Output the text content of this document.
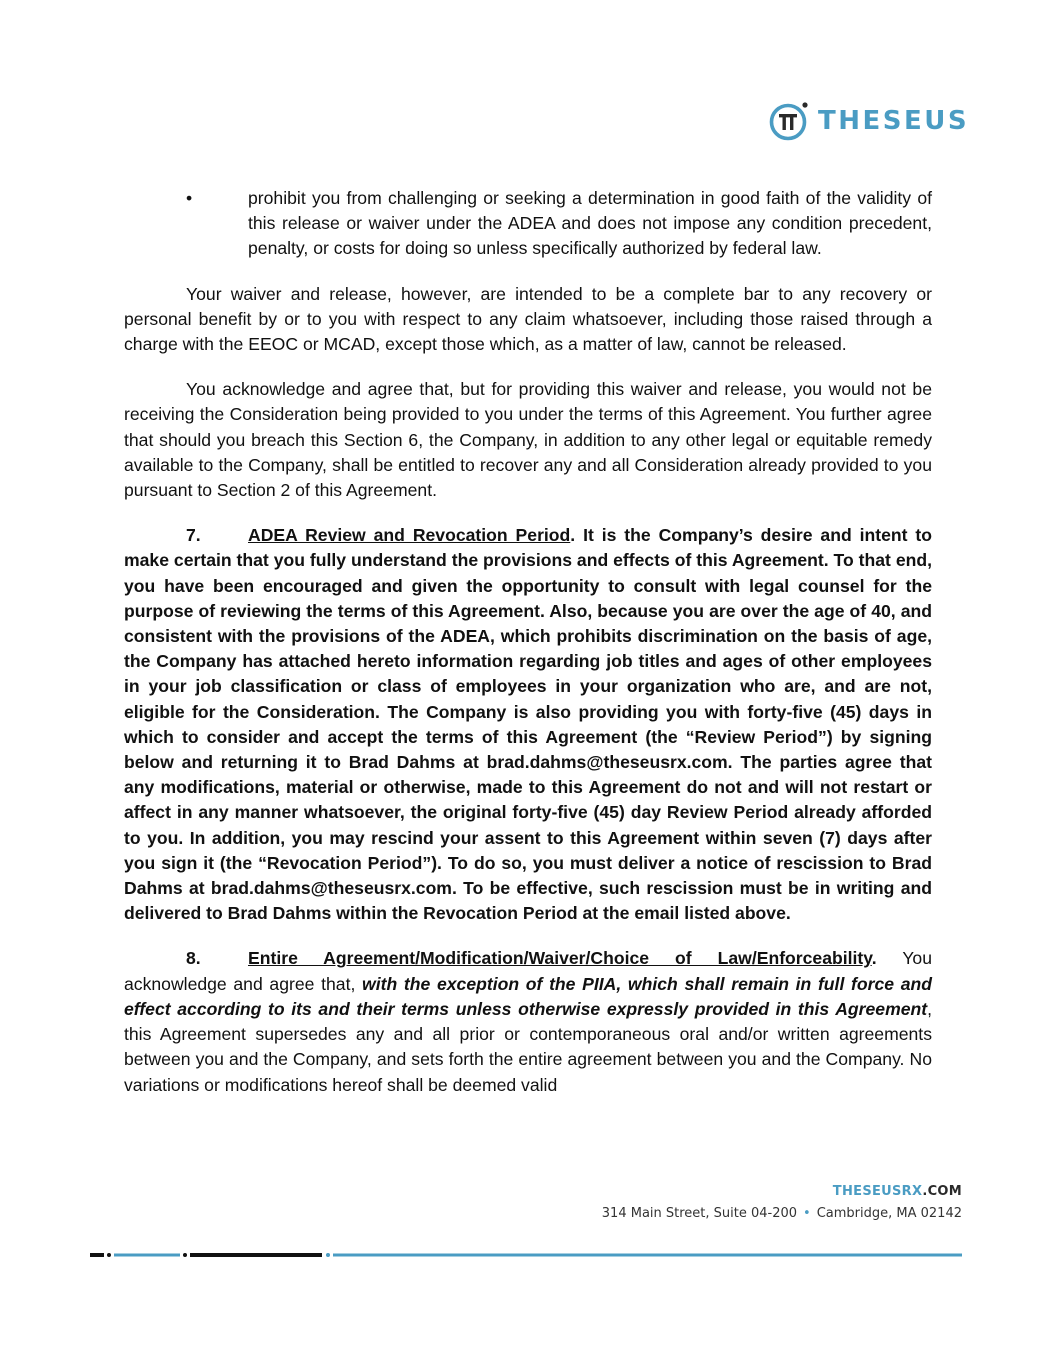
THESEUS
•	prohibit you from challenging or seeking a determination in good faith of the validity of this release or waiver under the ADEA and does not impose any condition precedent, penalty, or costs for doing so unless specifically authorized by federal law.

Your waiver and release, however, are intended to be a complete bar to any recovery or personal benefit by or to you with respect to any claim whatsoever, including those raised through a charge with the EEOC or MCAD, except those which, as a matter of law, cannot be released.

You acknowledge and agree that, but for providing this waiver and release, you would not be receiving the Consideration being provided to you under the terms of this Agreement. You further agree that should you breach this Section 6, the Company, in addition to any other legal or equitable remedy available to the Company, shall be entitled to recover any and all Consideration already provided to you pursuant to Section 2 of this Agreement.

7.	ADEA Review and Revocation Period. It is the Company’s desire and intent to make certain that you fully understand the provisions and effects of this Agreement. To that end, you have been encouraged and given the opportunity to consult with legal counsel for the purpose of reviewing the terms of this Agreement. Also, because you are over the age of 40, and consistent with the provisions of the ADEA, which prohibits discrimination on the basis of age, the Company has attached hereto information regarding job titles and ages of other employees in your job classification or class of employees in your organization who are, and are not, eligible for the Consideration. The Company is also providing you with forty-five (45) days in which to consider and accept the terms of this Agreement (the “Review Period”) by signing below and returning it to Brad Dahms at brad.dahms@theseusrx.com. The parties agree that any modifications, material or otherwise, made to this Agreement do not and will not restart or affect in any manner whatsoever, the original forty-five (45) day Review Period already afforded to you. In addition, you may rescind your assent to this Agreement within seven (7) days after you sign it (the “Revocation Period”). To do so, you must deliver a notice of rescission to Brad Dahms at brad.dahms@theseusrx.com. To be effective, such rescission must be in writing and delivered to Brad Dahms within the Revocation Period at the email listed above.

8.	Entire Agreement/Modification/Waiver/Choice of Law/Enforceability. You acknowledge and agree that, with the exception of the PIIA, which shall remain in full force and effect according to its and their terms unless otherwise expressly provided in this Agreement, this Agreement supersedes any and all prior or contemporaneous oral and/or written agreements between you and the Company, and sets forth the entire agreement between you and the Company. No variations or modifications hereof shall be deemed valid

THESEUSRX.COM
314 Main Street, Suite 04-200 • Cambridge, MA 02142
